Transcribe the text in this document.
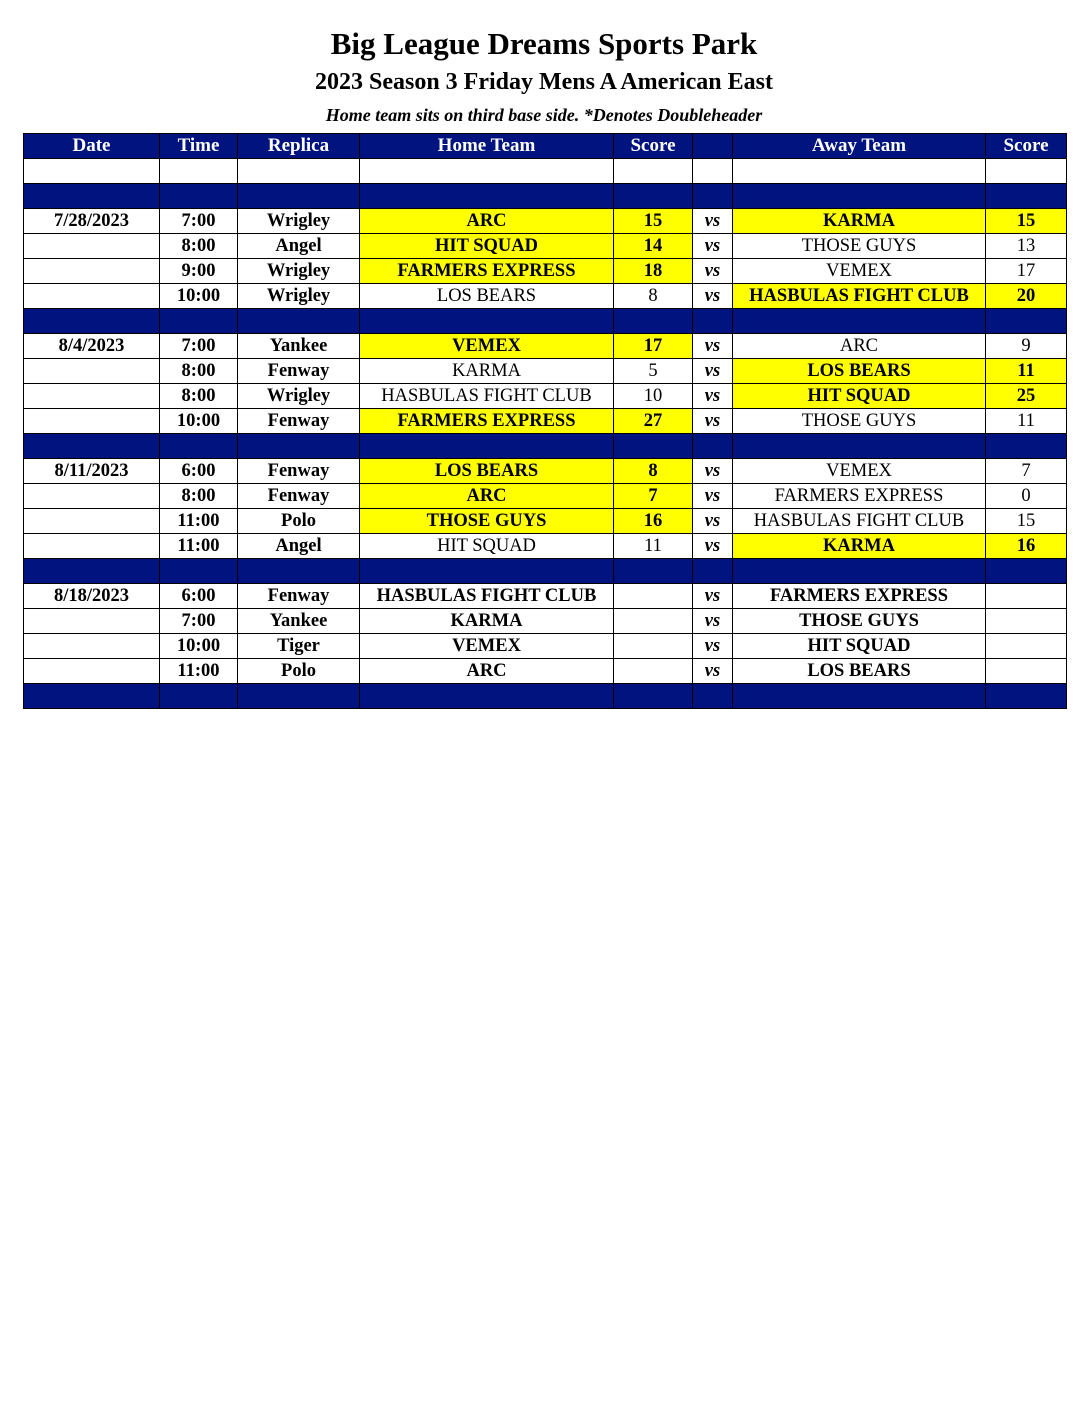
Big League Dreams Sports Park
2023 Season 3 Friday Mens A American East
Home team sits on third base side. *Denotes Doubleheader
Date	Time	Replica	Home Team	Score		Away Team	Score

7/28/2023	7:00	Wrigley	ARC	15	vs	KARMA	15
	8:00	Angel	HIT SQUAD	14	vs	THOSE GUYS	13
	9:00	Wrigley	FARMERS EXPRESS	18	vs	VEMEX	17
	10:00	Wrigley	LOS BEARS	8	vs	HASBULAS FIGHT CLUB	20

8/4/2023	7:00	Yankee	VEMEX	17	vs	ARC	9
	8:00	Fenway	KARMA	5	vs	LOS BEARS	11
	8:00	Wrigley	HASBULAS FIGHT CLUB	10	vs	HIT SQUAD	25
	10:00	Fenway	FARMERS EXPRESS	27	vs	THOSE GUYS	11

8/11/2023	6:00	Fenway	LOS BEARS	8	vs	VEMEX	7
	8:00	Fenway	ARC	7	vs	FARMERS EXPRESS	0
	11:00	Polo	THOSE GUYS	16	vs	HASBULAS FIGHT CLUB	15
	11:00	Angel	HIT SQUAD	11	vs	KARMA	16

8/18/2023	6:00	Fenway	HASBULAS FIGHT CLUB		vs	FARMERS EXPRESS	
	7:00	Yankee	KARMA		vs	THOSE GUYS	
	10:00	Tiger	VEMEX		vs	HIT SQUAD	
	11:00	Polo	ARC		vs	LOS BEARS	
